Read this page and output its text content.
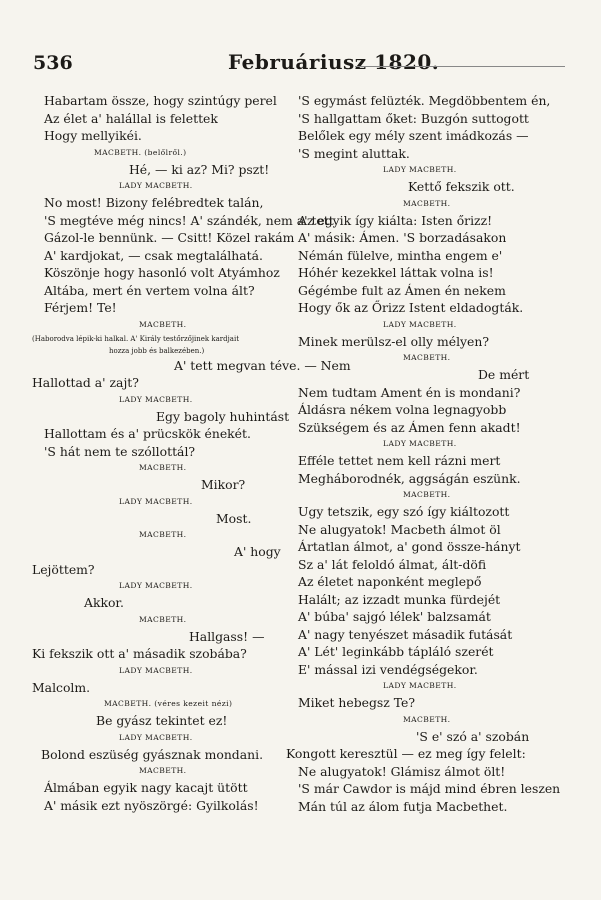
536	Februáriusz 1820.
Habartam össze, hogy szintúgy perel
Az élet a' halállal is felettek
Hogy mellyikéi.
MACBETH. (belőlről.)
Hé, — ki az? Mi? pszt!
LADY MACBETH.
No most! Bizony felébredtek talán,
'S megtéve még nincs! A' szándék, nem a' tett
Gázol-le bennünk. — Csitt! Közel rakám
A' kardjokat, — csak megtalálhatá.
Köszönje hogy hasonló volt Atyámhoz
Altába, mert én vertem volna ált?
Férjem! Te!
MACBETH.
(Haborodva lépik-ki halkal. A' Király testőrzőjinek kardjait
hozza jobb és balkezében.)
A' tett megvan téve. — Nem
Hallottad a' zajt?
LADY MACBETH.
Egy bagoly huhintást
Hallottam és a' prücskök énekét.
'S hát nem te szóllottál?
MACBETH.
Mikor?
LADY MACBETH.
Most.
MACBETH.
A' hogy
Lejöttem?
LADY MACBETH.
Akkor.
MACBETH.
Hallgass! —
Ki fekszik ott a' másadik szobába?
LADY MACBETH.
Malcolm.
MACBETH. (véres kezeit nézi)
Be gyász tekintet ez!
LADY MACBETH.
Bolond eszüség gyásznak mondani.
MACBETH.
Álmában egyik nagy kacajt ütött
A' másik ezt nyöszörgé: Gyilkolás!
'S egymást felüzték. Megdöbbentem én,
'S hallgattam őket: Buzgón suttogott
Belőlek egy mély szent imádkozás —
'S megint aluttak.
LADY MACBETH.
Kettő fekszik ott.
MACBETH.
Az egyik így kiálta: Isten őrizz!
A' másik: Ámen. 'S borzadásakon
Némán fülelve, mintha engem e'
Hóhér kezekkel láttak volna is!
Gégémbe fult az Ámen én nekem
Hogy ők az Őrizz Istent eldadogták.
LADY MACBETH.
Minek merülsz-el olly mélyen?
MACBETH.
De mért
Nem tudtam Ament én is mondani?
Áldásra nékem volna legnagyobb
Szükségem és az Ámen fenn akadt!
LADY MACBETH.
Efféle tettet nem kell rázni mert
Megháborodnék, aggságán eszünk.
MACBETH.
Ugy tetszik, egy szó így kiáltozott
Ne alugyatok! Macbeth álmot öl
Ártatlan álmot, a' gond össze-hányt
Sz a' lát feloldó álmat, ált-döfi
Az életet naponként meglepő
Halált; az izzadt munka fürdejét
A' búba' sajgó lélek' balzsamát
A' nagy tenyészet másadik futását
A' Lét' leginkább tápláló szerét
E' mással izi vendégségekor.
LADY MACBETH.
Miket hebegsz Te?
MACBETH.
'S e' szó a' szobán
Kongott keresztül — ez meg így felelt:
Ne alugyatok! Glámisz álmot ölt!
'S már Cawdor is májd mind ébren leszen
Mán túl az álom futja Macbethet.
